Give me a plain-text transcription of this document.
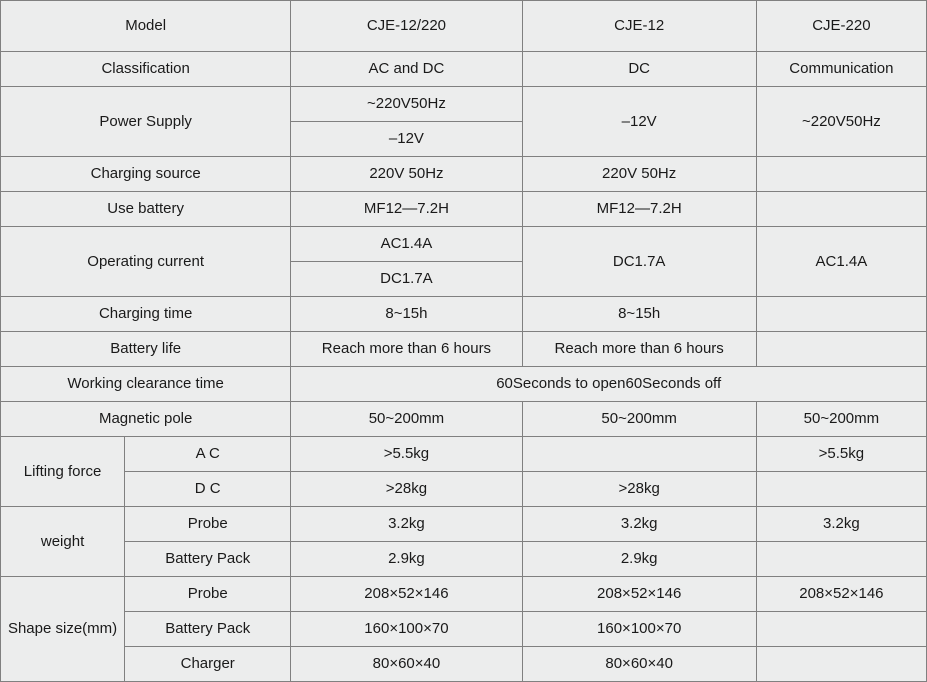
Model		CJE-12/220	CJE-12	CJE-220
Classification		AC and DC	DC	Communication
Power Supply		~220V50Hz	–12V	~220V50Hz
		–12V		
Charging source		220V 50Hz	220V 50Hz	
Use battery		MF12—7.2H	MF12—7.2H	
Operating current		AC1.4A	DC1.7A	AC1.4A
		DC1.7A		
Charging time		8~15h	8~15h	
Battery life		Reach more than 6 hours	Reach more than 6 hours	
Working clearance time		60Seconds to open60Seconds off		
Magnetic pole		50~200mm	50~200mm	50~200mm
Lifting force	A C	>5.5kg		>5.5kg
	D C	>28kg	>28kg	
weight	Probe	3.2kg	3.2kg	3.2kg
	Battery Pack	2.9kg	2.9kg	
Shape size(mm)	Probe	208×52×146	208×52×146	208×52×146
	Battery Pack	160×100×70	160×100×70	
	Charger	80×60×40	80×60×40	
